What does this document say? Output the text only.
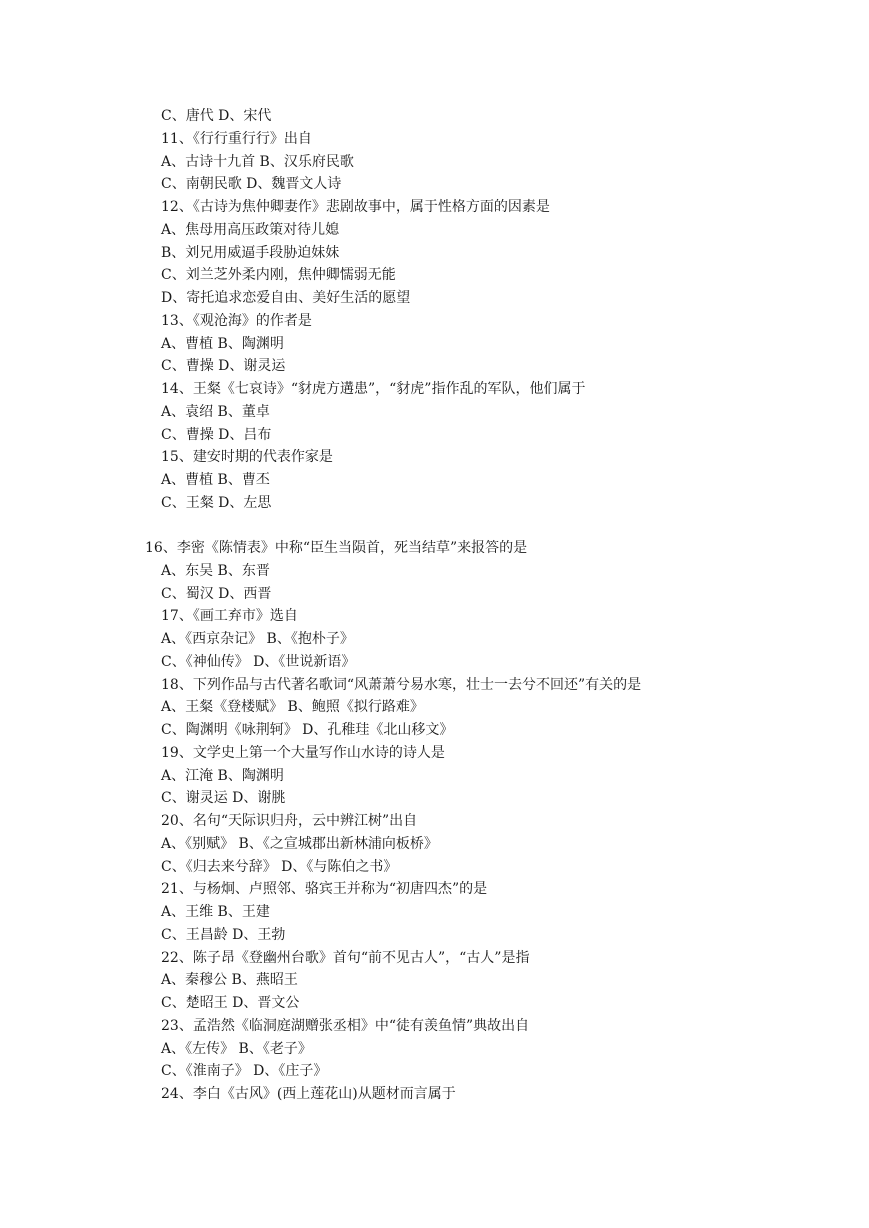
C、唐代 D、宋代
11、《行行重行行》出自
A、古诗十九首 B、汉乐府民歌
C、南朝民歌 D、魏晋文人诗
12、《古诗为焦仲卿妻作》悲剧故事中，属于性格方面的因素是
A、焦母用高压政策对待儿媳
B、刘兄用威逼手段胁迫妹妹
C、刘兰芝外柔内刚，焦仲卿懦弱无能
D、寄托追求恋爱自由、美好生活的愿望
13、《观沧海》的作者是
A、曹植 B、陶渊明
C、曹操 D、谢灵运
14、王粲《七哀诗》“豺虎方遘患”，“豺虎”指作乱的军队，他们属于
A、袁绍 B、董卓
C、曹操 D、吕布
15、建安时期的代表作家是
A、曹植 B、曹丕
C、王粲 D、左思
16、李密《陈情表》中称“臣生当陨首，死当结草”来报答的是
A、东吴 B、东晋
C、蜀汉 D、西晋
17、《画工弃市》选自
A、《西京杂记》 B、《抱朴子》
C、《神仙传》 D、《世说新语》
18、下列作品与古代著名歌词“风萧萧兮易水寒，壮士一去兮不回还”有关的是
A、王粲《登楼赋》 B、鲍照《拟行路难》
C、陶渊明《咏荆轲》 D、孔稚珪《北山移文》
19、文学史上第一个大量写作山水诗的诗人是
A、江淹 B、陶渊明
C、谢灵运 D、谢朓
20、名句“天际识归舟，云中辨江树”出自
A、《别赋》 B、《之宣城郡出新林浦向板桥》
C、《归去来兮辞》 D、《与陈伯之书》
21、与杨炯、卢照邻、骆宾王并称为“初唐四杰”的是
A、王维 B、王建
C、王昌龄 D、王勃
22、陈子昂《登幽州台歌》首句“前不见古人”，“古人”是指
A、秦穆公 B、燕昭王
C、楚昭王 D、晋文公
23、孟浩然《临洞庭湖赠张丞相》中“徒有羡鱼情”典故出自
A、《左传》 B、《老子》
C、《淮南子》 D、《庄子》
24、李白《古风》(西上莲花山)从题材而言属于
